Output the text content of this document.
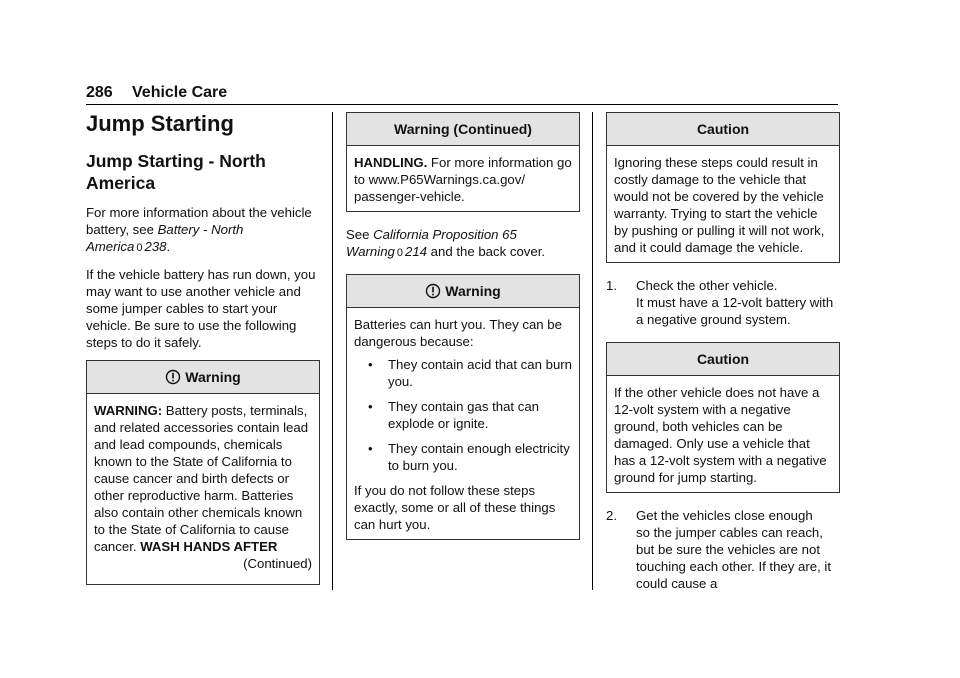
286 Vehicle Care
Jump Starting
Jump Starting - North America

For more information about the vehicle battery, see Battery - North America 0 238.

If the vehicle battery has run down, you may want to use another vehicle and some jumper cables to start your vehicle. Be sure to use the following steps to do it safely.

Warning

WARNING: Battery posts, terminals, and related accessories contain lead and lead compounds, chemicals known to the State of California to cause cancer and birth defects or other reproductive harm. Batteries also contain other chemicals known to the State of California to cause cancer. WASH HANDS AFTER

(Continued)

Warning (Continued)

HANDLING. For more information go to www.P65Warnings.ca.gov/ passenger-vehicle.

See California Proposition 65 Warning 0 214 and the back cover.

Warning

Batteries can hurt you. They can be dangerous because:

• They contain acid that can burn you.
• They contain gas that can explode or ignite.
• They contain enough electricity to burn you.

If you do not follow these steps exactly, some or all of these things can hurt you.

Caution

Ignoring these steps could result in costly damage to the vehicle that would not be covered by the vehicle warranty. Trying to start the vehicle by pushing or pulling it will not work, and it could damage the vehicle.

1. Check the other vehicle.
It must have a 12-volt battery with a negative ground system.
Caution

If the other vehicle does not have a 12-volt system with a negative ground, both vehicles can be damaged. Only use a vehicle that has a 12-volt system with a negative ground for jump starting.

2. Get the vehicles close enough
so the jumper cables can reach, but be sure the vehicles are not touching each other. If they are, it could cause a
